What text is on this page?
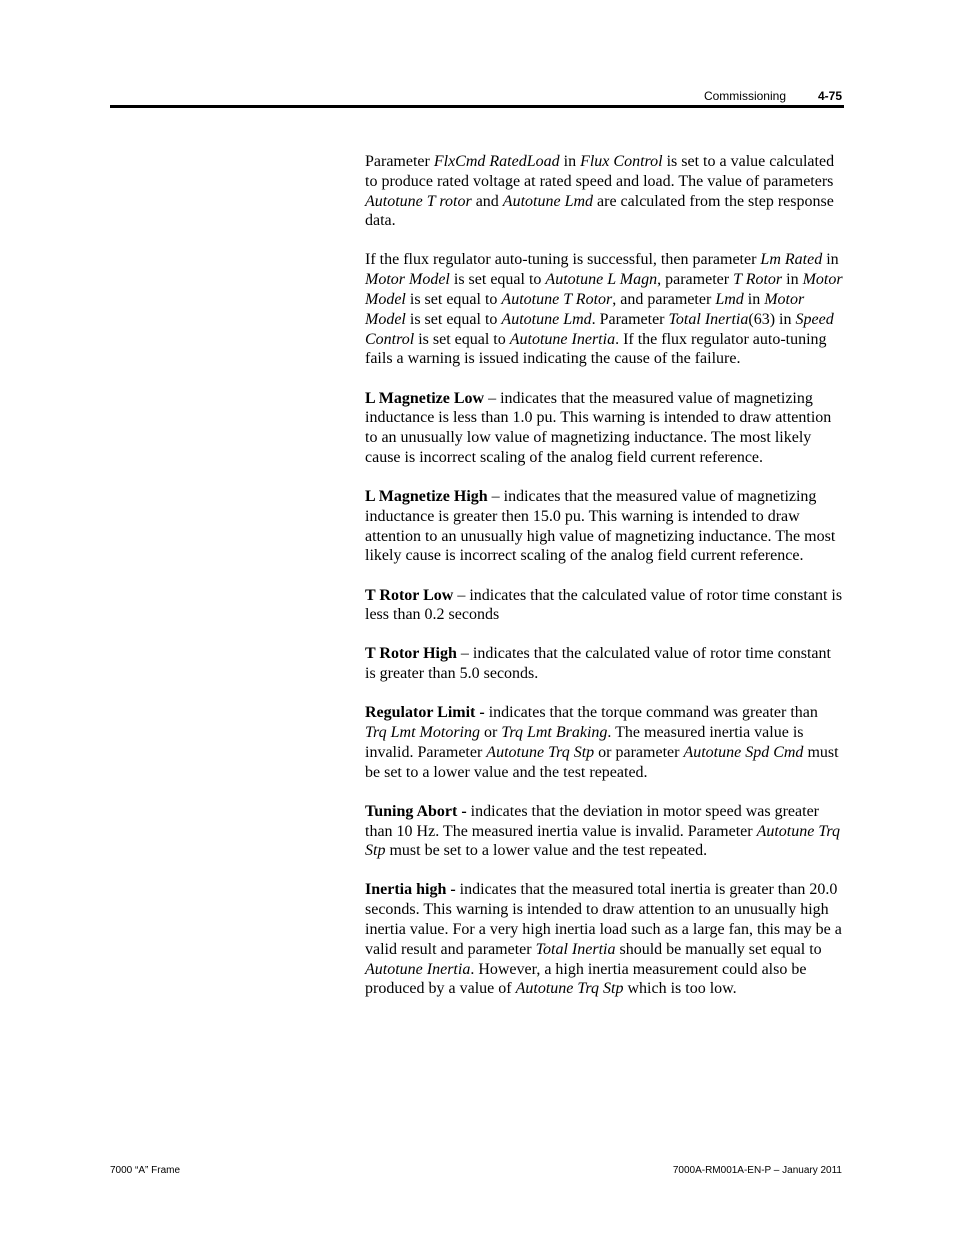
Commissioning	4-75

Parameter FlxCmd RatedLoad in Flux Control is set to a value calculated to produce rated voltage at rated speed and load. The value of parameters Autotune T rotor and Autotune Lmd are calculated from the step response data.

If the flux regulator auto-tuning is successful, then parameter Lm Rated in Motor Model is set equal to Autotune L Magn, parameter T Rotor in Motor Model is set equal to Autotune T Rotor, and parameter Lmd in Motor Model is set equal to Autotune Lmd. Parameter Total Inertia(63) in Speed Control is set equal to Autotune Inertia. If the flux regulator auto-tuning fails a warning is issued indicating the cause of the failure.

L Magnetize Low – indicates that the measured value of magnetizing inductance is less than 1.0 pu. This warning is intended to draw attention to an unusually low value of magnetizing inductance. The most likely cause is incorrect scaling of the analog field current reference.

L Magnetize High – indicates that the measured value of magnetizing inductance is greater then 15.0 pu. This warning is intended to draw attention to an unusually high value of magnetizing inductance. The most likely cause is incorrect scaling of the analog field current reference.

T Rotor Low – indicates that the calculated value of rotor time constant is less than 0.2 seconds

T Rotor High – indicates that the calculated value of rotor time constant is greater than 5.0 seconds.

Regulator Limit - indicates that the torque command was greater than Trq Lmt Motoring or Trq Lmt Braking. The measured inertia value is invalid. Parameter Autotune Trq Stp or parameter Autotune Spd Cmd must be set to a lower value and the test repeated.

Tuning Abort - indicates that the deviation in motor speed was greater than 10 Hz. The measured inertia value is invalid. Parameter Autotune Trq Stp must be set to a lower value and the test repeated.

Inertia high - indicates that the measured total inertia is greater than 20.0 seconds. This warning is intended to draw attention to an unusually high inertia value. For a very high inertia load such as a large fan, this may be a valid result and parameter Total Inertia should be manually set equal to Autotune Inertia. However, a high inertia measurement could also be produced by a value of Autotune Trq Stp which is too low.

7000 “A” Frame	7000A-RM001A-EN-P – January 2011
